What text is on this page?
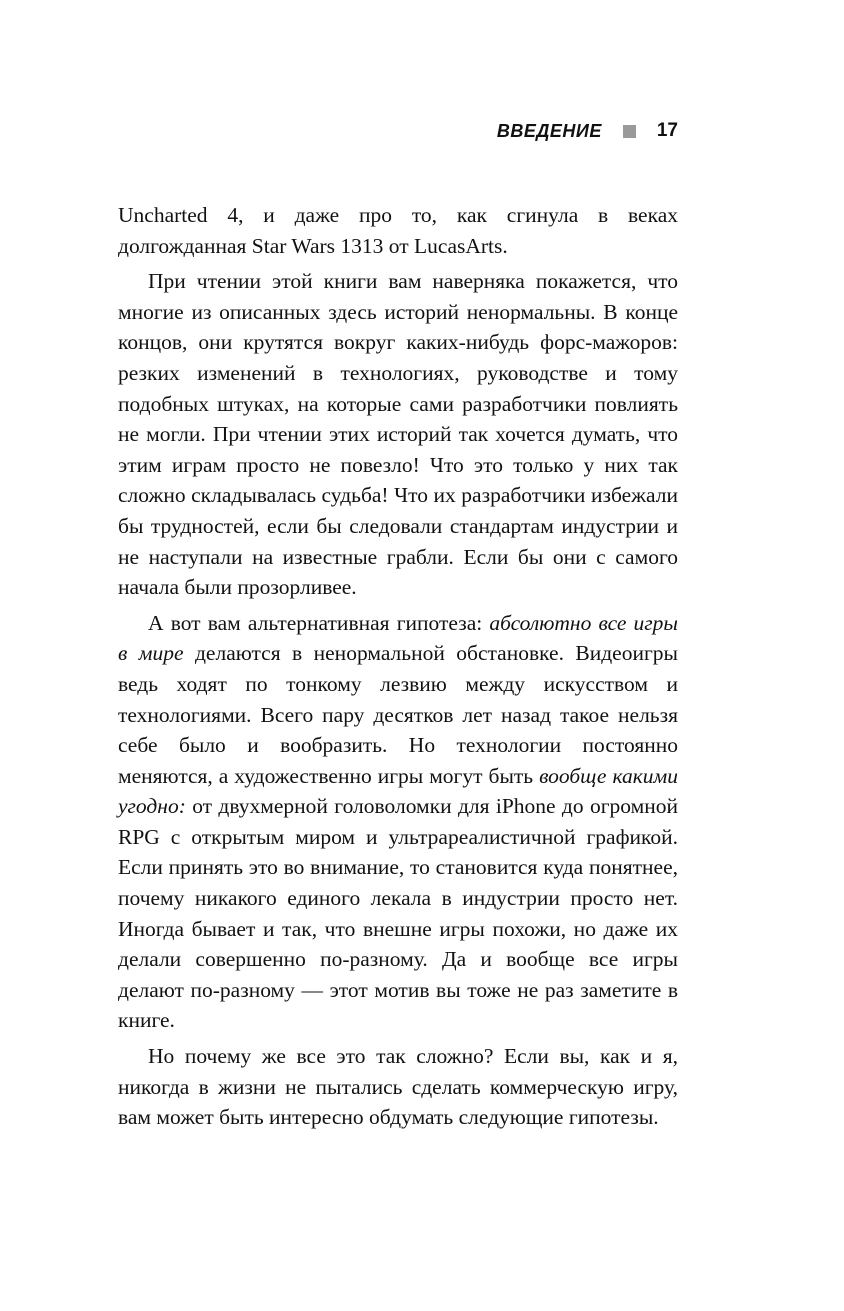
ВВЕДЕНИЕ	17

Uncharted 4, и даже про то, как сгинула в веках долгожданная Star Wars 1313 от LucasArts.

При чтении этой книги вам наверняка покажется, что многие из описанных здесь историй ненормальны. В конце концов, они крутятся вокруг каких-нибудь форс-мажоров: резких изменений в технологиях, руководстве и тому подобных штуках, на которые сами разработчики повлиять не могли. При чтении этих историй так хочется думать, что этим играм просто не повезло! Что это только у них так сложно складывалась судьба! Что их разработчики избежали бы трудностей, если бы следовали стандартам индустрии и не наступали на известные грабли. Если бы они с самого начала были прозорливее.

А вот вам альтернативная гипотеза: абсолютно все игры в мире делаются в ненормальной обстановке. Видеоигры ведь ходят по тонкому лезвию между искусством и технологиями. Всего пару десятков лет назад такое нельзя себе было и вообразить. Но технологии постоянно меняются, а художественно игры могут быть вообще какими угодно: от двухмерной головоломки для iPhone до огромной RPG с открытым миром и ультрареалистичной графикой. Если принять это во внимание, то становится куда понятнее, почему никакого единого лекала в индустрии просто нет. Иногда бывает и так, что внешне игры похожи, но даже их делали совершенно по-разному. Да и вообще все игры делают по-разному — этот мотив вы тоже не раз заметите в книге.

Но почему же все это так сложно? Если вы, как и я, никогда в жизни не пытались сделать коммерческую игру, вам может быть интересно обдумать следующие гипотезы.
